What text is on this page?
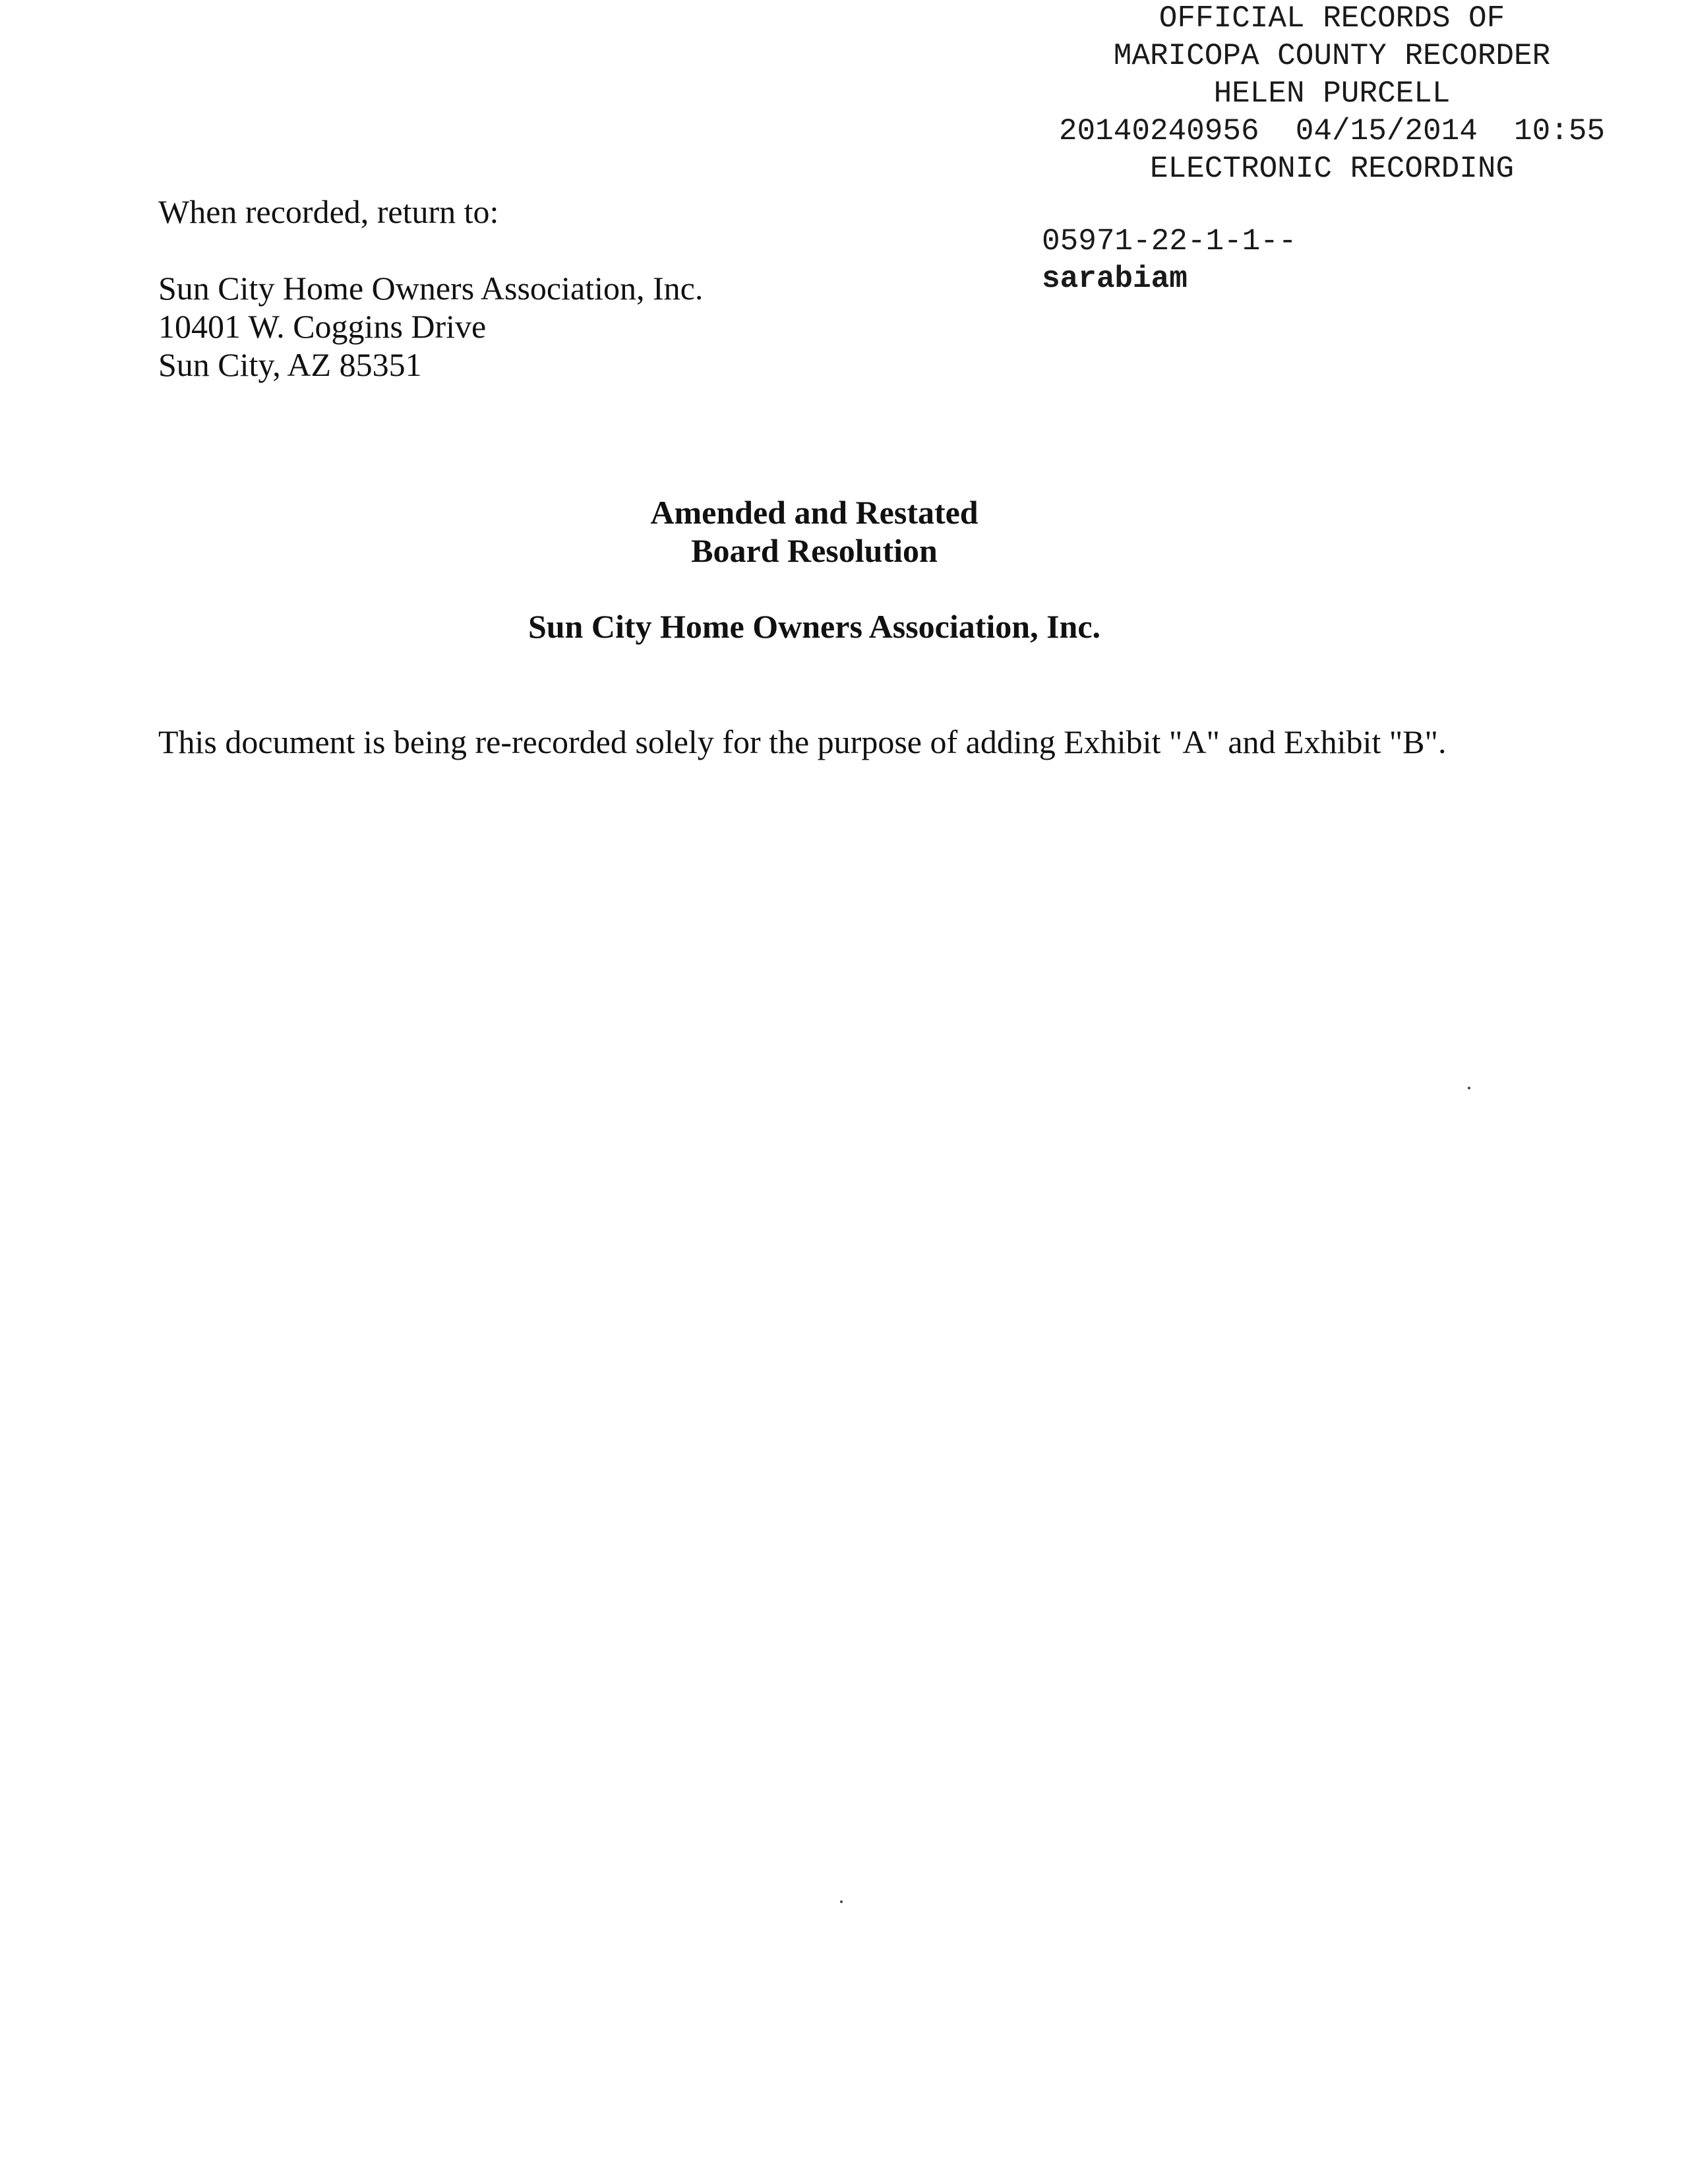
OFFICIAL RECORDS OF
MARICOPA COUNTY RECORDER
HELEN PURCELL
20140240956  04/15/2014  10:55
ELECTRONIC RECORDING
05971-22-1-1--
sarabiam
When recorded, return to:
Sun City Home Owners Association, Inc.
10401 W. Coggins Drive
Sun City, AZ 85351
Amended and Restated
Board Resolution
Sun City Home Owners Association, Inc.
This document is being re-recorded solely for the purpose of adding Exhibit "A" and Exhibit "B".
